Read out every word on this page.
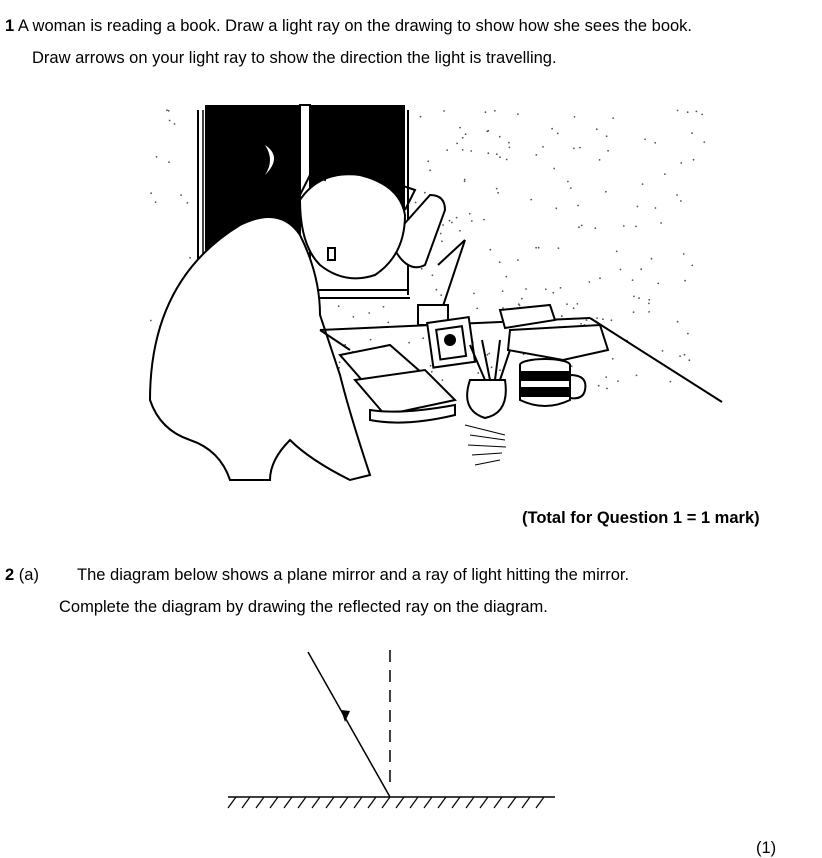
1 A woman is reading a book. Draw a light ray on the drawing to show how she sees the book.
Draw arrows on your light ray to show the direction the light is travelling.
(Total for Question 1 = 1 mark)
2 (a) The diagram below shows a plane mirror and a ray of light hitting the mirror.
Complete the diagram by drawing the reflected ray on the diagram.
(1)
